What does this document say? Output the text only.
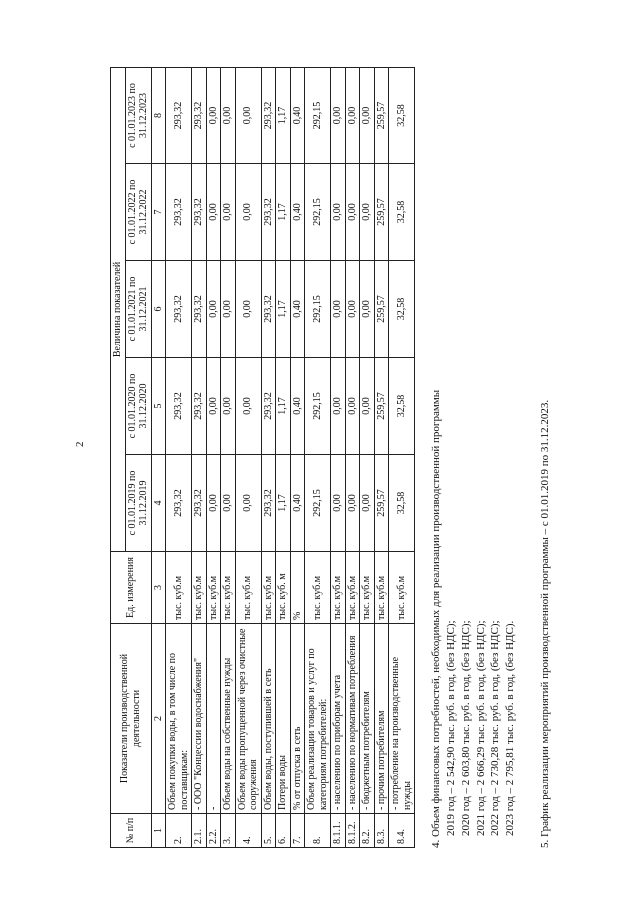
2
№ п/п	Показатели производственной деятельности	Ед. измерения	Величина показателей				
			с 01.01.2019 по 31.12.2019	с 01.01.2020 по 31.12.2020	с 01.01.2021 по 31.12.2021	с 01.01.2022 по 31.12.2022	с 01.01.2023 по 31.12.2023
1	2	3	4	5	6	7	8
2.	Объем покупки воды, в том числе по поставщикам:	тыс. куб.м	293,32	293,32	293,32	293,32	293,32
2.1.	- ООО "Концессии водоснабжения"	тыс. куб.м	293,32	293,32	293,32	293,32	293,32
2.2.	-	тыс. куб.м	0,00	0,00	0,00	0,00	0,00
3.	Объем воды на собственные нужды	тыс. куб.м	0,00	0,00	0,00	0,00	0,00
4.	Объем воды пропущенной через очистные сооружения	тыс. куб.м	0,00	0,00	0,00	0,00	0,00
5.	Объем воды, поступившей в сеть	тыс. куб.м	293,32	293,32	293,32	293,32	293,32
6.	Потери воды	тыс. куб. м	1,17	1,17	1,17	1,17	1,17
7.	% от отпуска в сеть	%	0,40	0,40	0,40	0,40	0,40
8.	Объем реализации товаров и услуг по категориям потребителей:	тыс. куб.м	292,15	292,15	292,15	292,15	292,15
8.1.1.	- населению по приборам учета	тыс. куб.м	0,00	0,00	0,00	0,00	0,00
8.1.2.	- населению по нормативам потребления	тыс. куб.м	0,00	0,00	0,00	0,00	0,00
8.2.	- бюджетным потребителям	тыс. куб.м	0,00	0,00	0,00	0,00	0,00
8.3.	- прочим потребителям	тыс. куб.м	259,57	259,57	259,57	259,57	259,57
8.4.	- потребление на производственные нужды	тыс. куб.м	32,58	32,58	32,58	32,58	32,58

4. Объем финансовых потребностей, необходимых для реализации производственной программы 2019 год – 2 542,90 тыс. руб. в год, (без НДС); 2020 год – 2 603,80 тыс. руб. в год, (без НДС); 2021 год – 2 666,29 тыс. руб. в год, (без НДС); 2022 год – 2 730,28 тыс. руб. в год, (без НДС); 2023 год – 2 795,81 тыс. руб. в год, (без НДС). 5. График реализации мероприятий производственной программы – с 01.01.2019 по 31.12.2023.
